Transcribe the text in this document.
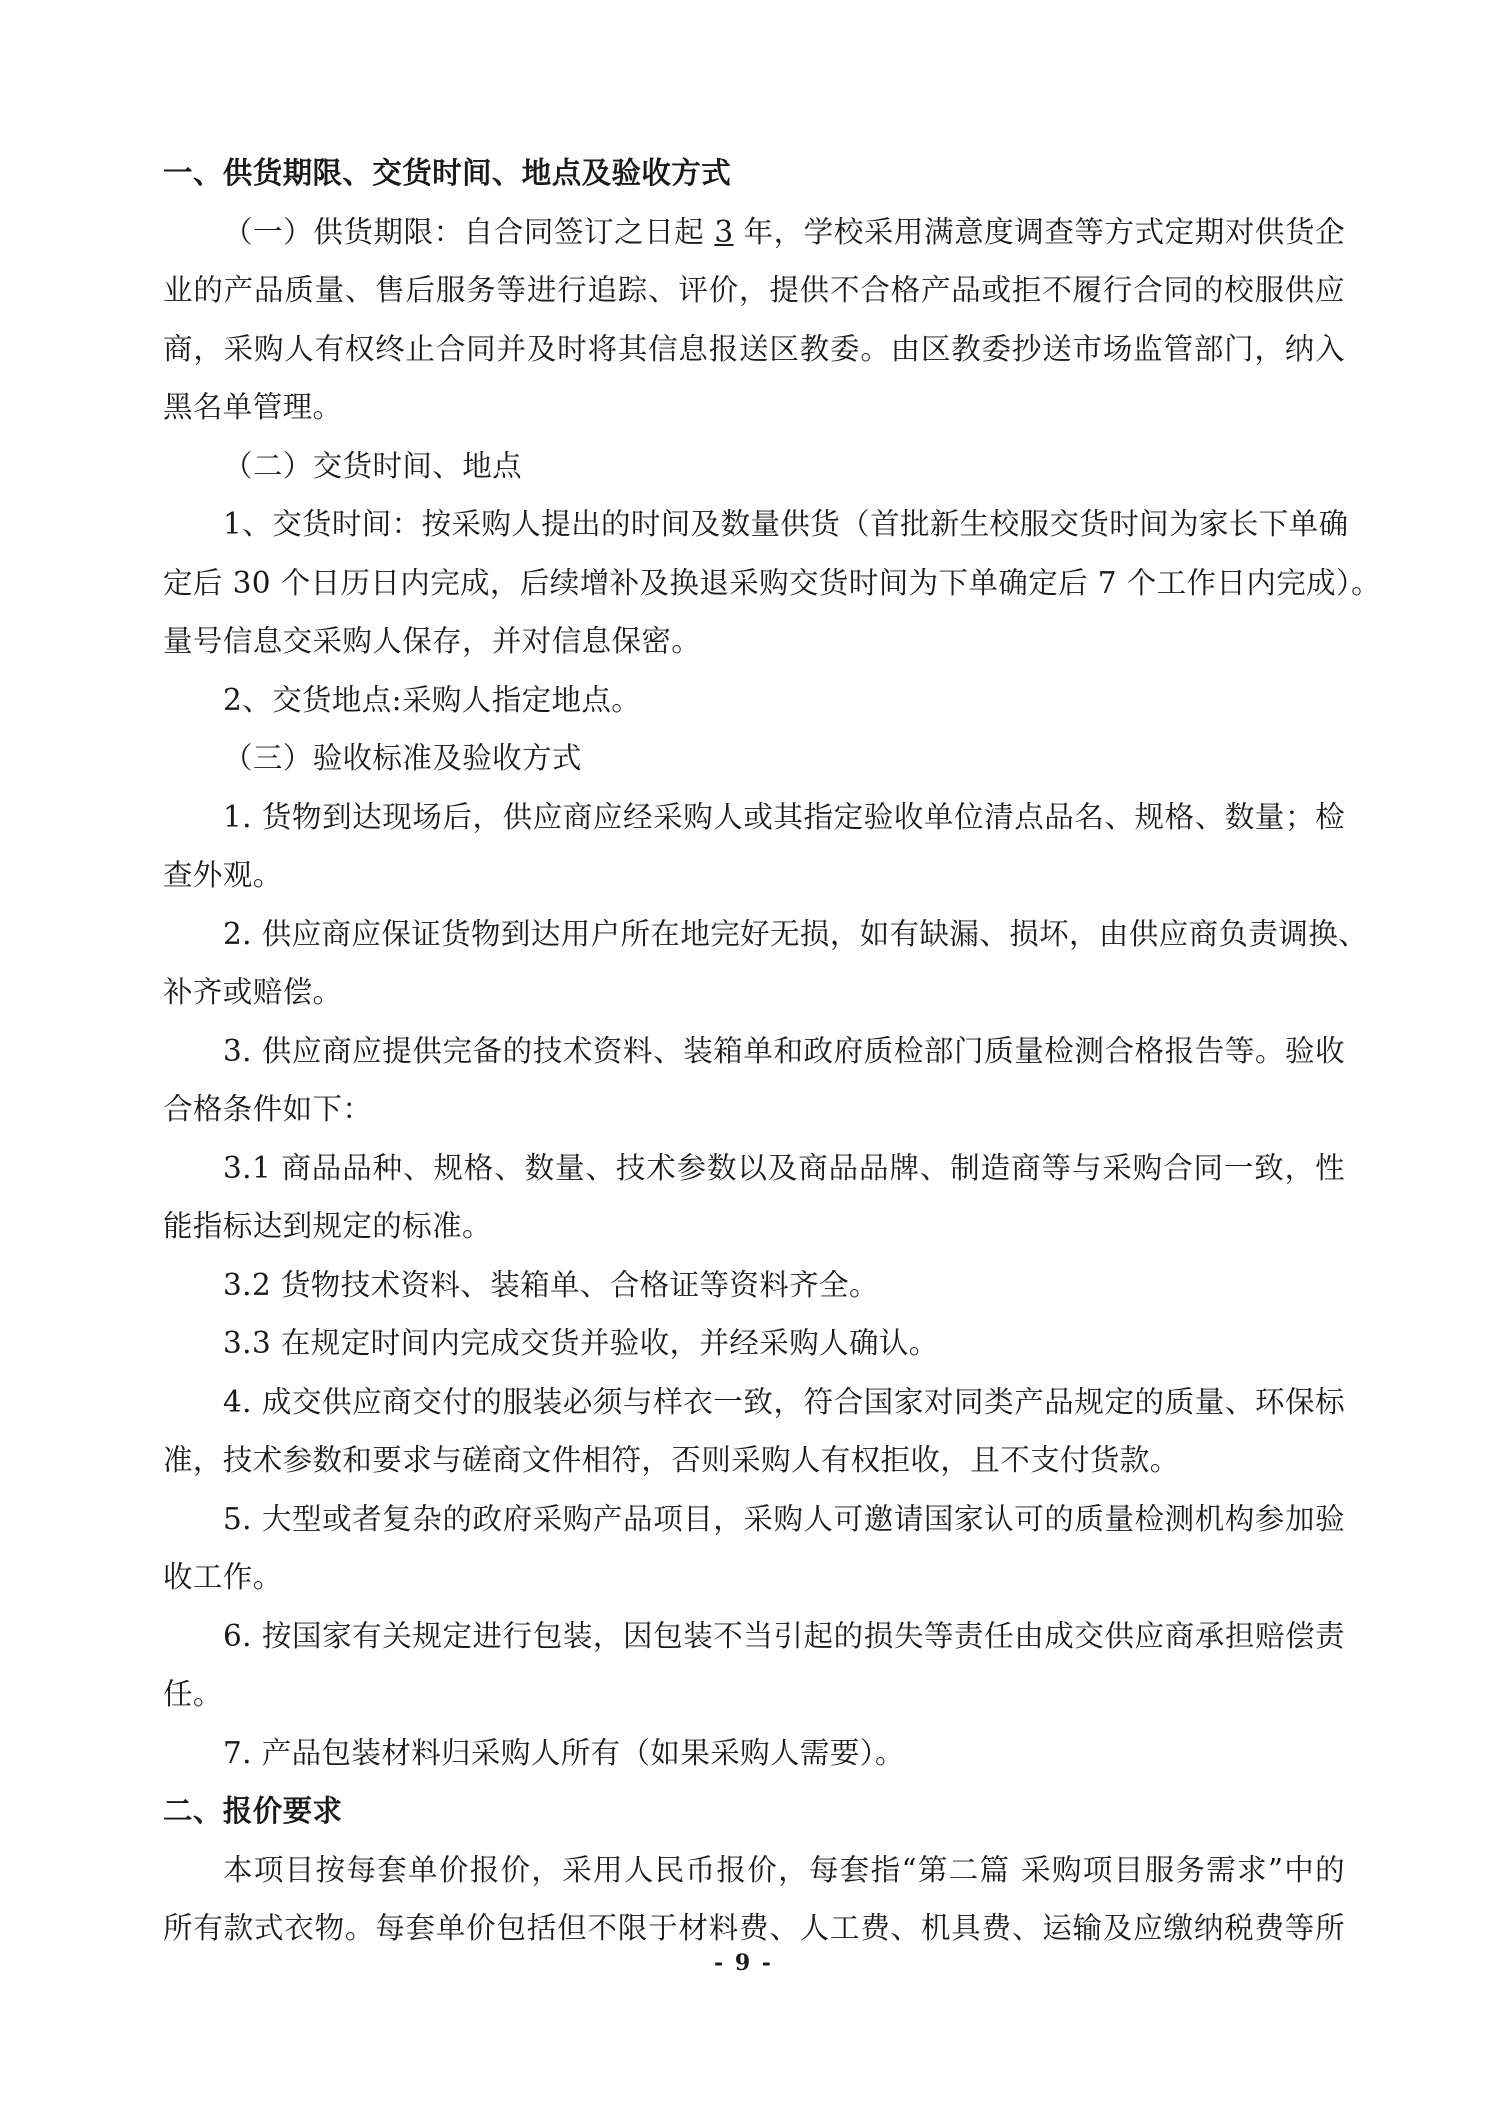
一、供货期限、交货时间、地点及验收方式
（一）供货期限：自合同签订之日起 3 年，学校采用满意度调查等方式定期对供货企
业的产品质量、售后服务等进行追踪、评价，提供不合格产品或拒不履行合同的校服供应
商，采购人有权终止合同并及时将其信息报送区教委。由区教委抄送市场监管部门，纳入
黑名单管理。
（二）交货时间、地点
1、交货时间：按采购人提出的时间及数量供货（首批新生校服交货时间为家长下单确
定后 30 个日历日内完成，后续增补及换退采购交货时间为下单确定后 7 个工作日内完成）。
量号信息交采购人保存，并对信息保密。
2、交货地点:采购人指定地点。
（三）验收标准及验收方式
1. 货物到达现场后，供应商应经采购人或其指定验收单位清点品名、规格、数量；检
查外观。
2. 供应商应保证货物到达用户所在地完好无损，如有缺漏、损坏，由供应商负责调换、
补齐或赔偿。
3. 供应商应提供完备的技术资料、装箱单和政府质检部门质量检测合格报告等。验收
合格条件如下：
3.1 商品品种、规格、数量、技术参数以及商品品牌、制造商等与采购合同一致，性
能指标达到规定的标准。
3.2 货物技术资料、装箱单、合格证等资料齐全。
3.3 在规定时间内完成交货并验收，并经采购人确认。
4. 成交供应商交付的服装必须与样衣一致，符合国家对同类产品规定的质量、环保标
准，技术参数和要求与磋商文件相符，否则采购人有权拒收，且不支付货款。
5. 大型或者复杂的政府采购产品项目，采购人可邀请国家认可的质量检测机构参加验
收工作。
6. 按国家有关规定进行包装，因包装不当引起的损失等责任由成交供应商承担赔偿责
任。
7. 产品包装材料归采购人所有（如果采购人需要）。
二、报价要求
本项目按每套单价报价，采用人民币报价，每套指“第二篇 采购项目服务需求”中的
所有款式衣物。每套单价包括但不限于材料费、人工费、机具费、运输及应缴纳税费等所
- 9 -
